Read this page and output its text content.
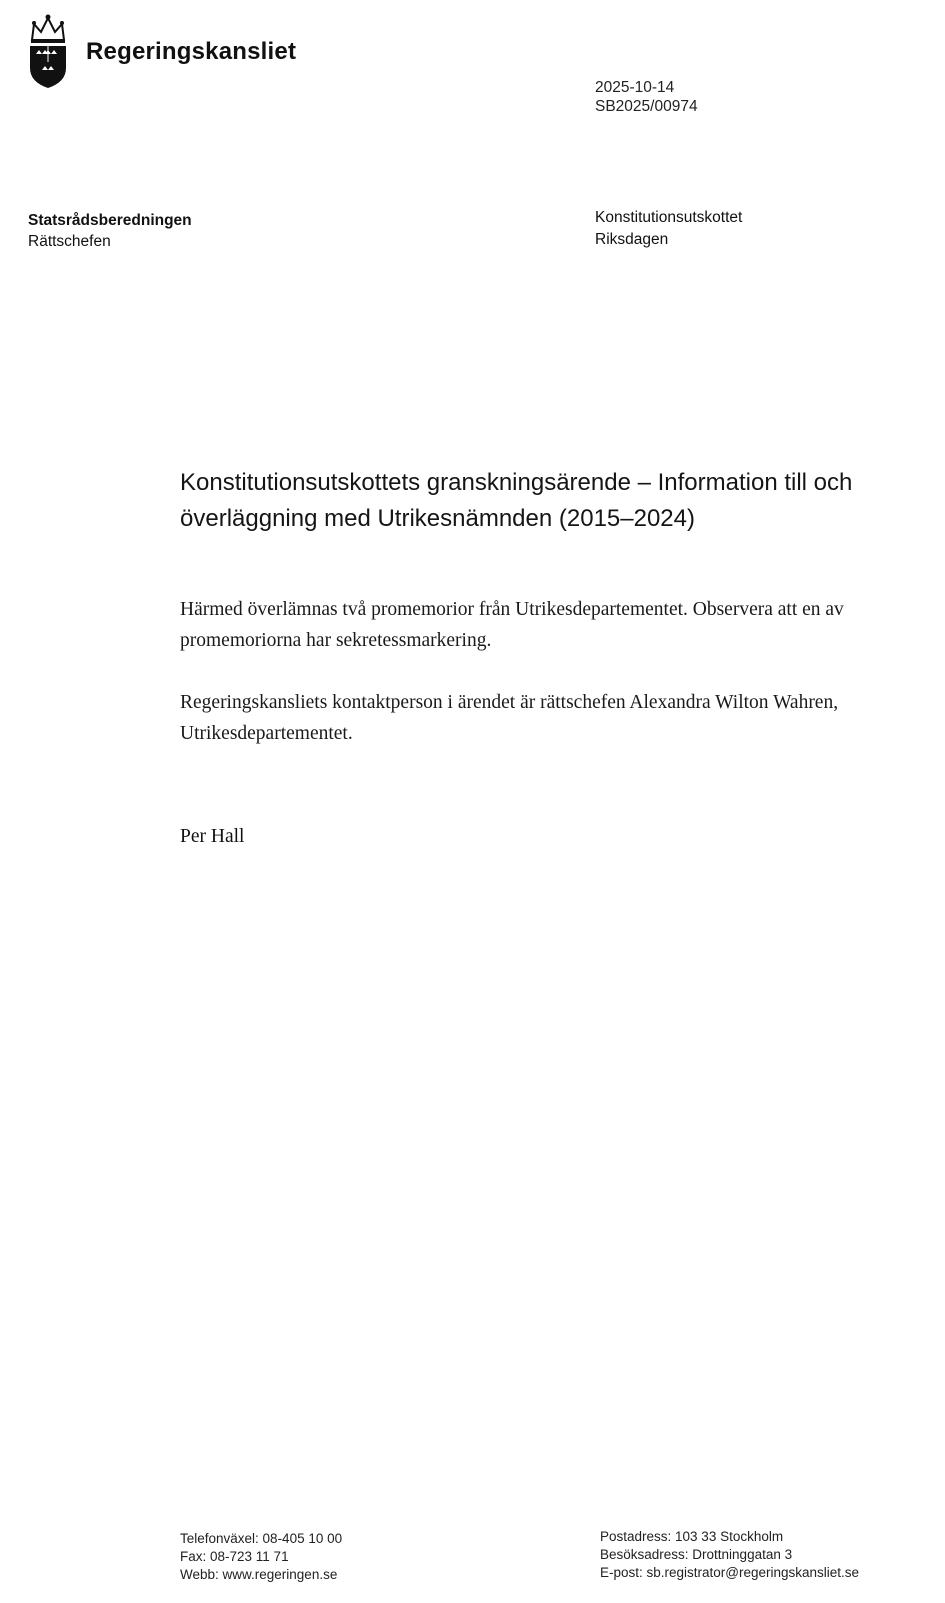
Regeringskansliet
2025-10-14
SB2025/00974
Statsrådsberedningen
Rättschefen
Konstitutionsutskottet
Riksdagen
Konstitutionsutskottets granskningsärende – Information till och överläggning med Utrikesnämnden (2015–2024)
Härmed överlämnas två promemorior från Utrikesdepartementet. Observera att en av promemoriorna har sekretessmarkering.
Regeringskansliets kontaktperson i ärendet är rättschefen Alexandra Wilton Wahren, Utrikesdepartementet.
Per Hall
Telefonväxel: 08-405 10 00
Fax: 08-723 11 71
Webb: www.regeringen.se
Postadress: 103 33 Stockholm
Besöksadress: Drottninggatan 3
E-post: sb.registrator@regeringskansliet.se
